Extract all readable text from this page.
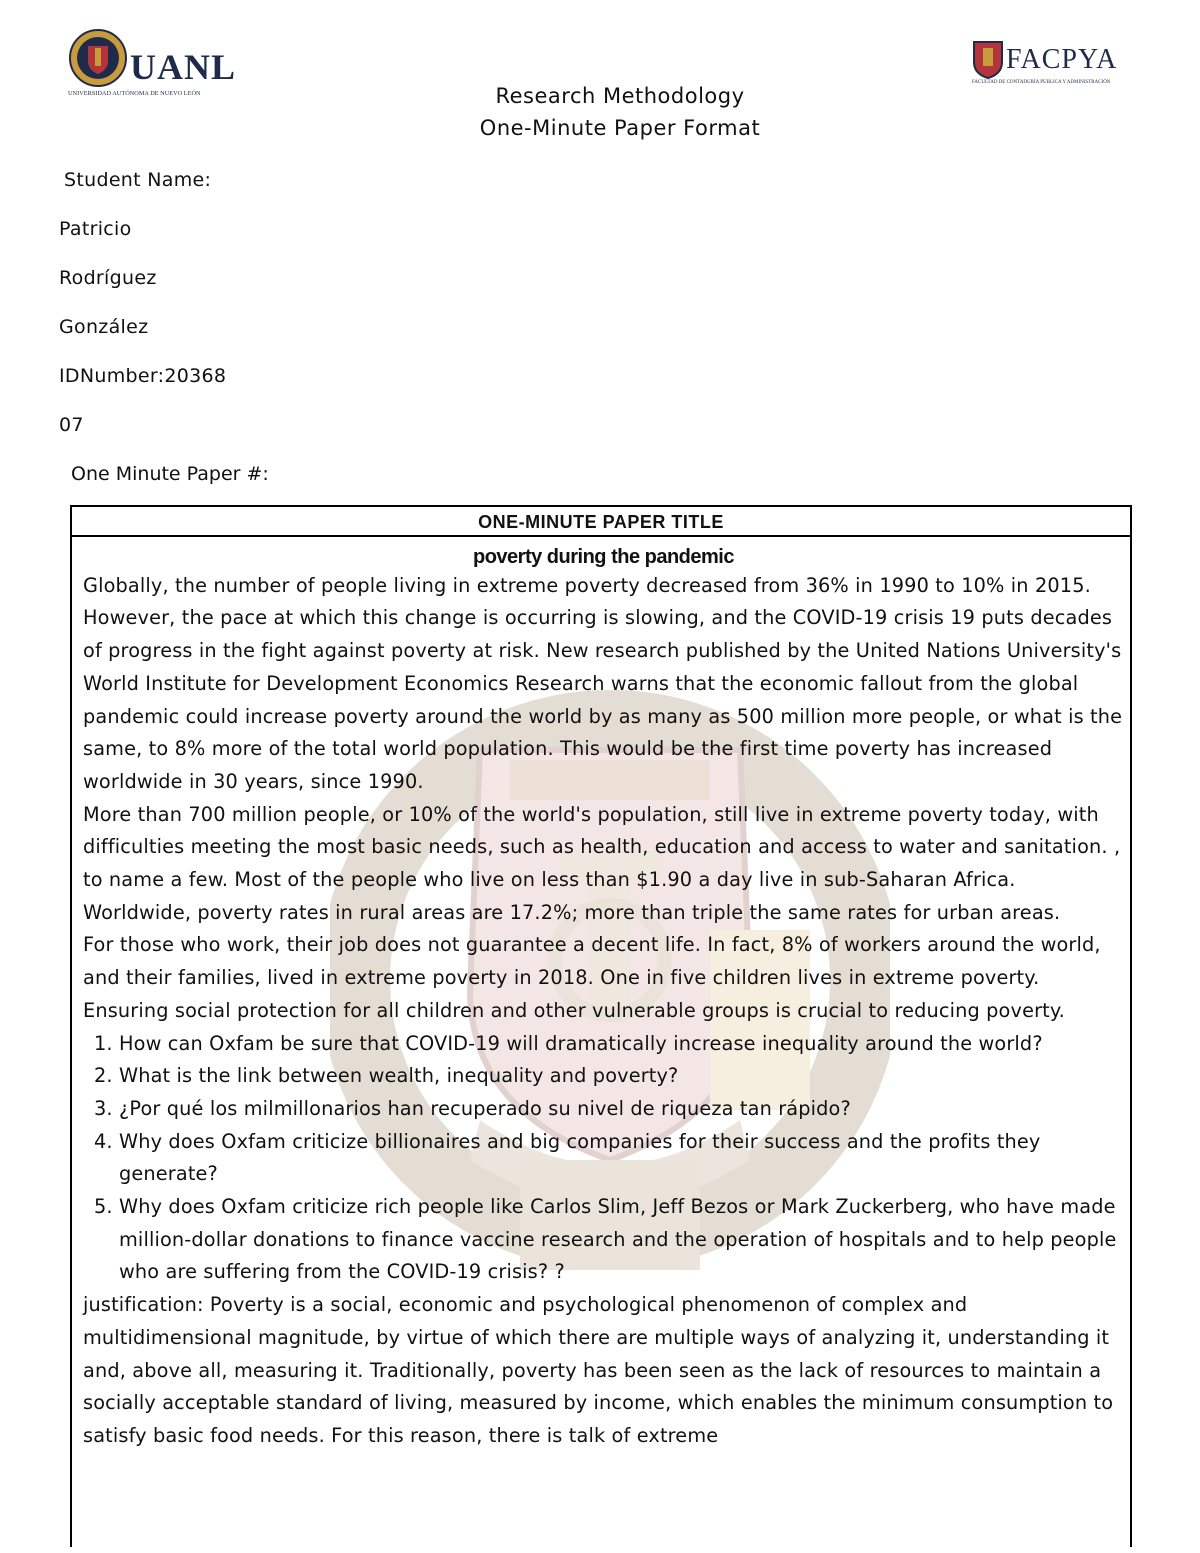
UANL
UNIVERSIDAD AUTÓNOMA DE NUEVO LEÓN
FACPYA
FACULTAD DE CONTADURÍA PÚBLICA Y ADMINISTRACIÓN
Research Methodology
One-Minute Paper Format
Student Name:
Patricio
Rodríguez
González
IDNumber:20368
07
One Minute Paper #:
ONE-MINUTE PAPER TITLE
poverty during the pandemic

Globally, the number of people living in extreme poverty decreased from 36% in 1990 to 10% in 2015. However, the pace at which this change is occurring is slowing, and the COVID-19 crisis 19 puts decades of progress in the fight against poverty at risk. New research published by the United Nations University's World Institute for Development Economics Research warns that the economic fallout from the global pandemic could increase poverty around the world by as many as 500 million more people, or what is the same, to 8% more of the total world population. This would be the first time poverty has increased worldwide in 30 years, since 1990.

More than 700 million people, or 10% of the world's population, still live in extreme poverty today, with difficulties meeting the most basic needs, such as health, education and access to water and sanitation. , to name a few. Most of the people who live on less than $1.90 a day live in sub-Saharan Africa. Worldwide, poverty rates in rural areas are 17.2%; more than triple the same rates for urban areas.

For those who work, their job does not guarantee a decent life. In fact, 8% of workers around the world, and their families, lived in extreme poverty in 2018. One in five children lives in extreme poverty. Ensuring social protection for all children and other vulnerable groups is crucial to reducing poverty.

1. How can Oxfam be sure that COVID-19 will dramatically increase inequality around the world?
2. What is the link between wealth, inequality and poverty?
3. ¿Por qué los milmillonarios han recuperado su nivel de riqueza tan rápido?
4. Why does Oxfam criticize billionaires and big companies for their success and the profits they generate?
5. Why does Oxfam criticize rich people like Carlos Slim, Jeff Bezos or Mark Zuckerberg, who have made million-dollar donations to finance vaccine research and the operation of hospitals and to help people who are suffering from the COVID-19 crisis? ?

justification: Poverty is a social, economic and psychological phenomenon of complex and multidimensional magnitude, by virtue of which there are multiple ways of analyzing it, understanding it and, above all, measuring it. Traditionally, poverty has been seen as the lack of resources to maintain a socially acceptable standard of living, measured by income, which enables the minimum consumption to satisfy basic food needs. For this reason, there is talk of extreme
